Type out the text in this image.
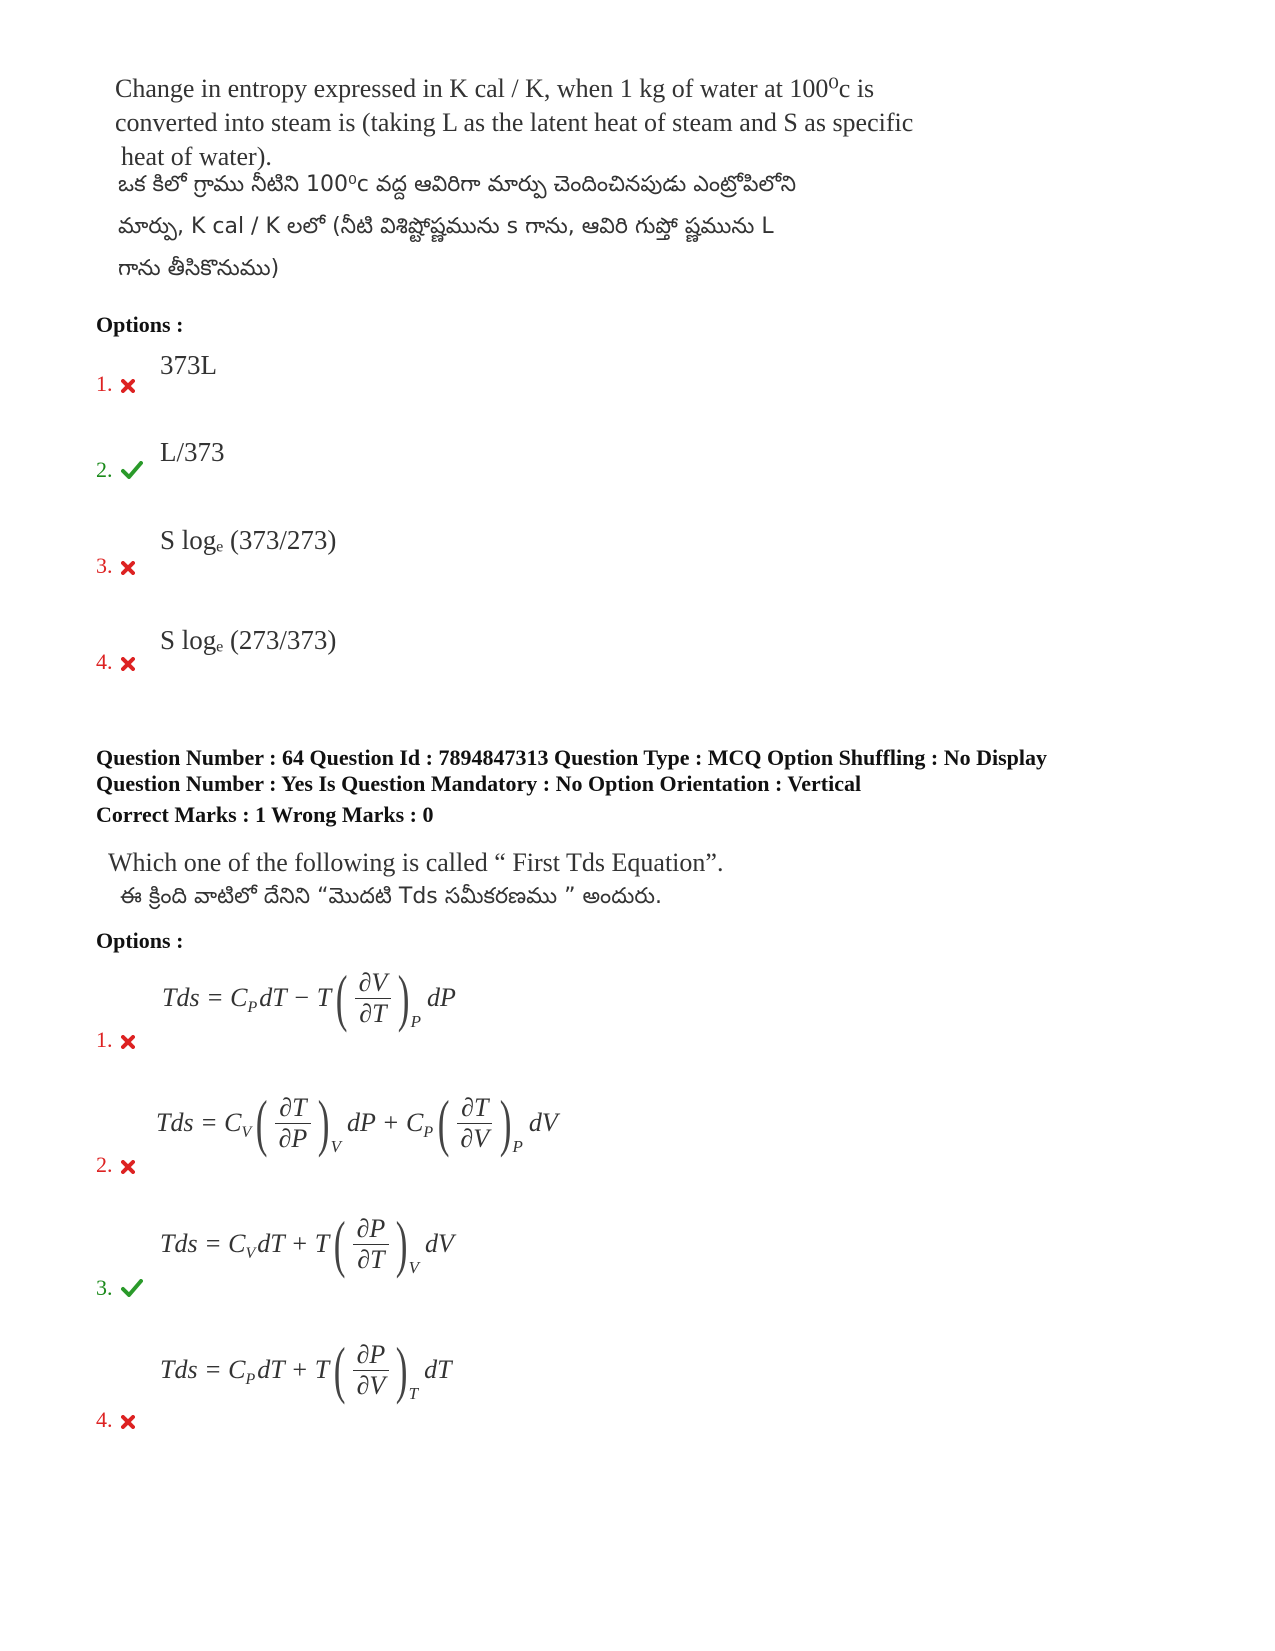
Change in entropy expressed in K cal / K, when 1 kg of water at 100⁰c is
converted into steam is (taking L as the latent heat of steam and S as specific
heat of water).
ఒక కిలో గ్రాము నీటిని 100⁰c వద్ద ఆవిరిగా మార్పు చెందించినపుడు ఎంట్రోపిలోని
మార్పు, K cal / K లలో (నీటి విశిష్టోష్ణమును s గాను, ఆవిరి గుప్తో ష్ణమును L
గాను తీసికొనుము)
Options :
1.
373L
2.
L/373
3.
S logₑ (373/273)
4.
S logₑ (273/373)
Question Number : 64 Question Id : 7894847313 Question Type : MCQ Option Shuffling : No Display
Question Number : Yes Is Question Mandatory : No Option Orientation : Vertical
Correct Marks : 1 Wrong Marks : 0
Which one of the following is called “ First Tds Equation”.
ఈ క్రింది వాటిలో దేనిని “మొదటి Tds సమీకరణము ” అందురు.
Options :
1.
Tds = C P dT − T ( $\frac{\partial V}{\partial T}$ ) P
dP
2.
Tds = C V ( $\frac{\partial T}{\partial P}$ ) V
dP + C P ( $\frac{\partial T}{\partial V}$ ) P
dV
3.
Tds = C V dT + T ( $\frac{\partial P}{\partial T}$ ) V
dV
4.
Tds = C P dT + T ( $\frac{\partial P}{\partial V}$ ) T
dT
